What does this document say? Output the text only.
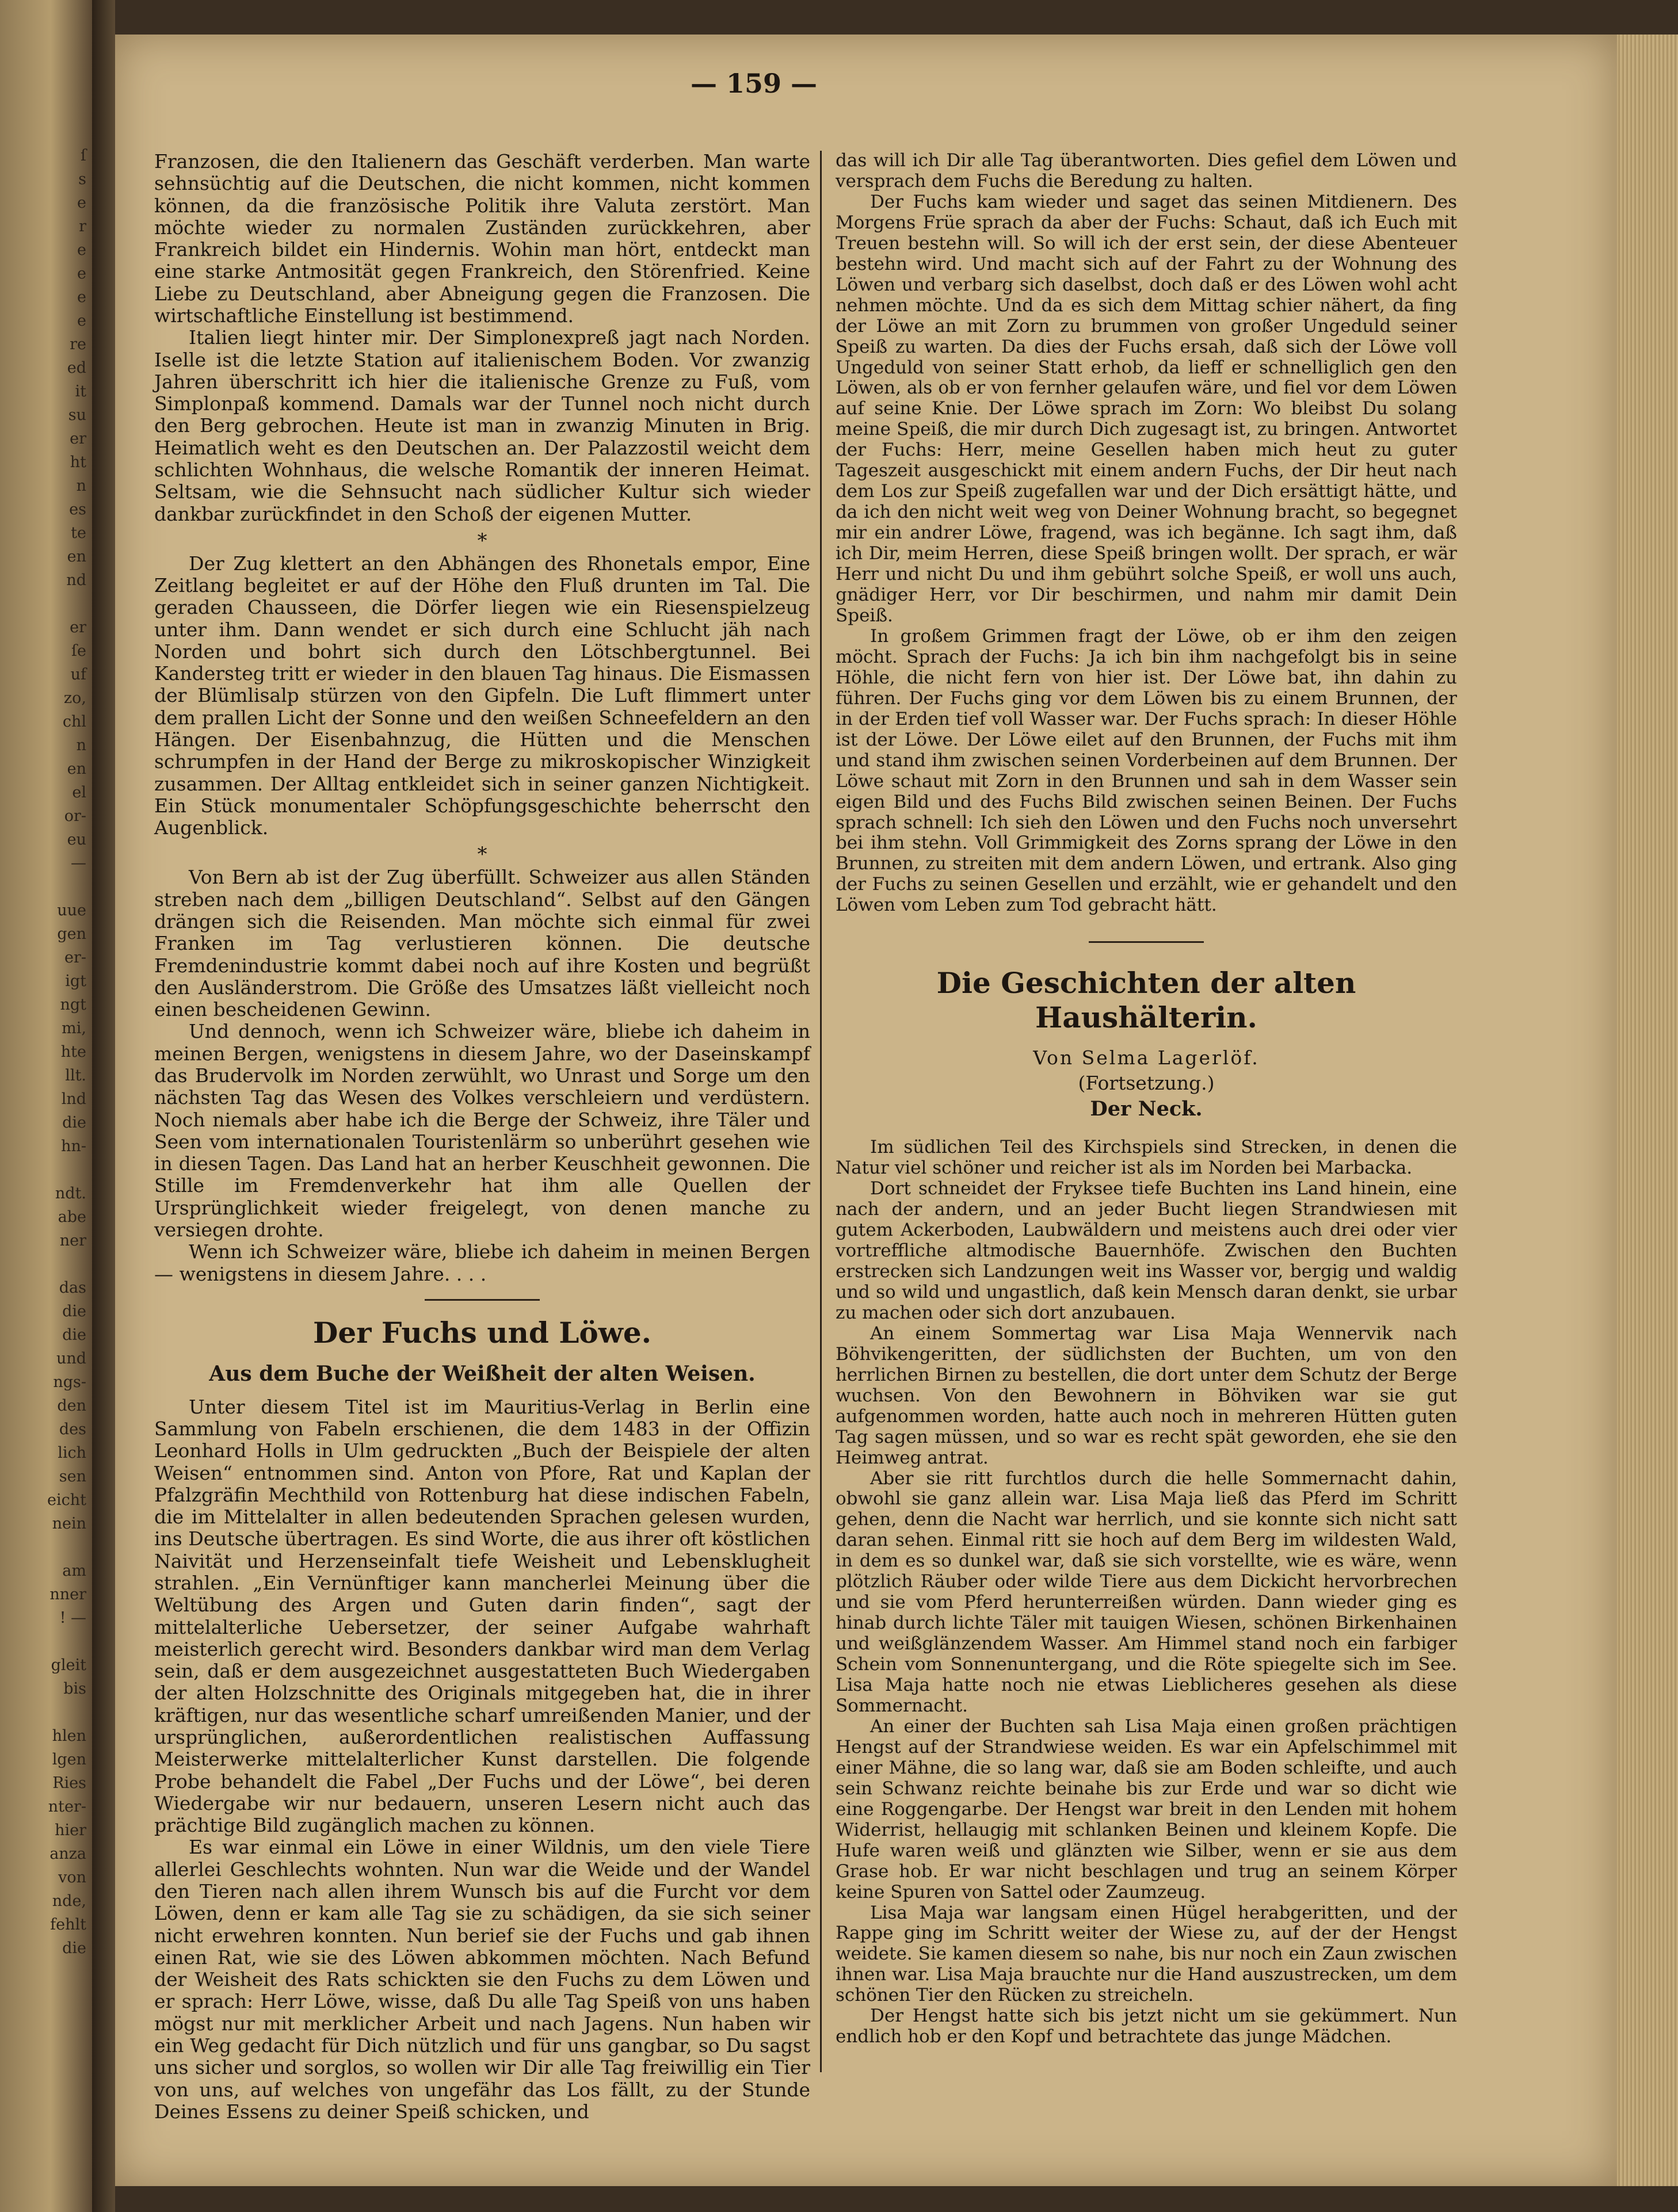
ſ
s
e
r
e
e
e
e
re
ed
it
su
er
ht
n
es
te
en
nd

er
ſe
uf
zo,
chl
n
en
el
or-
eu
—

uue
gen
er-
igt
ngt
mi,
hte
llt.
lnd
die
hn-

ndt.
abe
ner

das
die
die
und
ngs-
den
des
lich
sen
eicht
nein

am
nner
! —

gleit
bis

hlen
lgen
Ries
nter-
hier
anza
von
nde,
fehlt
die
— 159 —

Franzosen, die den Italienern das Geschäft verderben. Man warte sehnsüchtig auf die Deutschen, die nicht kommen, nicht kommen können, da die französische Politik ihre Valuta zerstört. Man möchte wieder zu normalen Zuständen zurückkehren, aber Frankreich bildet ein Hindernis. Wohin man hört, entdeckt man eine starke Antmosität gegen Frankreich, den Störenfried. Keine Liebe zu Deutschland, aber Abneigung gegen die Franzosen. Die wirtschaftliche Einstellung ist bestimmend.

Italien liegt hinter mir. Der Simplonexpreß jagt nach Norden. Iselle ist die letzte Station auf italienischem Boden. Vor zwanzig Jahren überschritt ich hier die italienische Grenze zu Fuß, vom Simplonpaß kommend. Damals war der Tunnel noch nicht durch den Berg gebrochen. Heute ist man in zwanzig Minuten in Brig. Heimatlich weht es den Deutschen an. Der Palazzostil weicht dem schlichten Wohnhaus, die welsche Romantik der inneren Heimat. Seltsam, wie die Sehnsucht nach südlicher Kultur sich wieder dankbar zurückfindet in den Schoß der eigenen Mutter.

*

Der Zug klettert an den Abhängen des Rhonetals empor, Eine Zeitlang begleitet er auf der Höhe den Fluß drunten im Tal. Die geraden Chausseen, die Dörfer liegen wie ein Riesenspielzeug unter ihm. Dann wendet er sich durch eine Schlucht jäh nach Norden und bohrt sich durch den Lötschbergtunnel. Bei Kandersteg tritt er wieder in den blauen Tag hinaus. Die Eismassen der Blümlisalp stürzen von den Gipfeln. Die Luft flimmert unter dem prallen Licht der Sonne und den weißen Schneefeldern an den Hängen. Der Eisenbahnzug, die Hütten und die Menschen schrumpfen in der Hand der Berge zu mikroskopischer Winzigkeit zusammen. Der Alltag entkleidet sich in seiner ganzen Nichtigkeit. Ein Stück monumentaler Schöpfungsgeschichte beherrscht den Augenblick.

*

Von Bern ab ist der Zug überfüllt. Schweizer aus allen Ständen streben nach dem „billigen Deutschland“. Selbst auf den Gängen drängen sich die Reisenden. Man möchte sich einmal für zwei Franken im Tag verlustieren können. Die deutsche Fremdenindustrie kommt dabei noch auf ihre Kosten und begrüßt den Ausländerstrom. Die Größe des Umsatzes läßt vielleicht noch einen bescheidenen Gewinn.

Und dennoch, wenn ich Schweizer wäre, bliebe ich daheim in meinen Bergen, wenigstens in diesem Jahre, wo der Daseinskampf das Brudervolk im Norden zerwühlt, wo Unrast und Sorge um den nächsten Tag das Wesen des Volkes verschleiern und verdüstern. Noch niemals aber habe ich die Berge der Schweiz, ihre Täler und Seen vom internationalen Touristenlärm so unberührt gesehen wie in diesen Tagen. Das Land hat an herber Keuschheit gewonnen. Die Stille im Fremdenverkehr hat ihm alle Quellen der Ursprünglichkeit wieder freigelegt, von denen manche zu versiegen drohte.

Wenn ich Schweizer wäre, bliebe ich daheim in meinen Bergen — wenigstens in diesem Jahre. . . .

Der Fuchs und Löwe.
Aus dem Buche der Weißheit der alten Weisen.

Unter diesem Titel ist im Mauritius-Verlag in Berlin eine Sammlung von Fabeln erschienen, die dem 1483 in der Offizin Leonhard Holls in Ulm gedruckten „Buch der Beispiele der alten Weisen“ entnommen sind. Anton von Pfore, Rat und Kaplan der Pfalzgräfin Mechthild von Rottenburg hat diese indischen Fabeln, die im Mittelalter in allen bedeutenden Sprachen gelesen wurden, ins Deutsche übertragen. Es sind Worte, die aus ihrer oft köstlichen Naivität und Herzenseinfalt tiefe Weisheit und Lebensklugheit strahlen. „Ein Vernünftiger kann mancherlei Meinung über die Weltübung des Argen und Guten darin finden“, sagt der mittelalterliche Uebersetzer, der seiner Aufgabe wahrhaft meisterlich gerecht wird. Besonders dankbar wird man dem Verlag sein, daß er dem ausgezeichnet ausgestatteten Buch Wiedergaben der alten Holzschnitte des Originals mitgegeben hat, die in ihrer kräftigen, nur das wesentliche scharf umreißenden Manier, und der ursprünglichen, außerordentlichen realistischen Auffassung Meisterwerke mittelalterlicher Kunst darstellen. Die folgende Probe behandelt die Fabel „Der Fuchs und der Löwe“, bei deren Wiedergabe wir nur bedauern, unseren Lesern nicht auch das prächtige Bild zugänglich machen zu können.

Es war einmal ein Löwe in einer Wildnis, um den viele Tiere allerlei Geschlechts wohnten. Nun war die Weide und der Wandel den Tieren nach allen ihrem Wunsch bis auf die Furcht vor dem Löwen, denn er kam alle Tag sie zu schädigen, da sie sich seiner nicht erwehren konnten. Nun berief sie der Fuchs und gab ihnen einen Rat, wie sie des Löwen abkommen möchten. Nach Befund der Weisheit des Rats schickten sie den Fuchs zu dem Löwen und er sprach: Herr Löwe, wisse, daß Du alle Tag Speiß von uns haben mögst nur mit merklicher Arbeit und nach Jagens. Nun haben wir ein Weg gedacht für Dich nützlich und für uns gangbar, so Du sagst uns sicher und sorglos, so wollen wir Dir alle Tag freiwillig ein Tier von uns, auf welches von ungefähr das Los fällt, zu der Stunde Deines Essens zu deiner Speiß schicken, und

das will ich Dir alle Tag überantworten. Dies gefiel dem Löwen und versprach dem Fuchs die Beredung zu halten.

Der Fuchs kam wieder und saget das seinen Mitdienern. Des Morgens Früe sprach da aber der Fuchs: Schaut, daß ich Euch mit Treuen bestehn will. So will ich der erst sein, der diese Abenteuer bestehn wird. Und macht sich auf der Fahrt zu der Wohnung des Löwen und verbarg sich daselbst, doch daß er des Löwen wohl acht nehmen möchte. Und da es sich dem Mittag schier nähert, da fing der Löwe an mit Zorn zu brummen von großer Ungeduld seiner Speiß zu warten. Da dies der Fuchs ersah, daß sich der Löwe voll Ungeduld von seiner Statt erhob, da lieff er schnelliglich gen den Löwen, als ob er von fernher gelaufen wäre, und fiel vor dem Löwen auf seine Knie. Der Löwe sprach im Zorn: Wo bleibst Du solang meine Speiß, die mir durch Dich zugesagt ist, zu bringen. Antwortet der Fuchs: Herr, meine Gesellen haben mich heut zu guter Tageszeit ausgeschickt mit einem andern Fuchs, der Dir heut nach dem Los zur Speiß zugefallen war und der Dich ersättigt hätte, und da ich den nicht weit weg von Deiner Wohnung bracht, so begegnet mir ein andrer Löwe, fragend, was ich begänne. Ich sagt ihm, daß ich Dir, meim Herren, diese Speiß bringen wollt. Der sprach, er wär Herr und nicht Du und ihm gebührt solche Speiß, er woll uns auch, gnädiger Herr, vor Dir beschirmen, und nahm mir damit Dein Speiß.

In großem Grimmen fragt der Löwe, ob er ihm den zeigen möcht. Sprach der Fuchs: Ja ich bin ihm nachgefolgt bis in seine Höhle, die nicht fern von hier ist. Der Löwe bat, ihn dahin zu führen. Der Fuchs ging vor dem Löwen bis zu einem Brunnen, der in der Erden tief voll Wasser war. Der Fuchs sprach: In dieser Höhle ist der Löwe. Der Löwe eilet auf den Brunnen, der Fuchs mit ihm und stand ihm zwischen seinen Vorderbeinen auf dem Brunnen. Der Löwe schaut mit Zorn in den Brunnen und sah in dem Wasser sein eigen Bild und des Fuchs Bild zwischen seinen Beinen. Der Fuchs sprach schnell: Ich sieh den Löwen und den Fuchs noch unversehrt bei ihm stehn. Voll Grimmigkeit des Zorns sprang der Löwe in den Brunnen, zu streiten mit dem andern Löwen, und ertrank. Also ging der Fuchs zu seinen Gesellen und erzählt, wie er gehandelt und den Löwen vom Leben zum Tod gebracht hätt.

Die Geschichten der alten Haushälterin.
Von Selma Lagerlöf.
(Fortsetzung.)
Der Neck.

Im südlichen Teil des Kirchspiels sind Strecken, in denen die Natur viel schöner und reicher ist als im Norden bei Marbacka.

Dort schneidet der Fryksee tiefe Buchten ins Land hinein, eine nach der andern, und an jeder Bucht liegen Strandwiesen mit gutem Ackerboden, Laubwäldern und meistens auch drei oder vier vortreffliche altmodische Bauernhöfe. Zwischen den Buchten erstrecken sich Landzungen weit ins Wasser vor, bergig und waldig und so wild und ungastlich, daß kein Mensch daran denkt, sie urbar zu machen oder sich dort anzubauen.

An einem Sommertag war Lisa Maja Wennervik nach Böhvikengeritten, der südlichsten der Buchten, um von den herrlichen Birnen zu bestellen, die dort unter dem Schutz der Berge wuchsen. Von den Bewohnern in Böhviken war sie gut aufgenommen worden, hatte auch noch in mehreren Hütten guten Tag sagen müssen, und so war es recht spät geworden, ehe sie den Heimweg antrat.

Aber sie ritt furchtlos durch die helle Sommernacht dahin, obwohl sie ganz allein war. Lisa Maja ließ das Pferd im Schritt gehen, denn die Nacht war herrlich, und sie konnte sich nicht satt daran sehen. Einmal ritt sie hoch auf dem Berg im wildesten Wald, in dem es so dunkel war, daß sie sich vorstellte, wie es wäre, wenn plötzlich Räuber oder wilde Tiere aus dem Dickicht hervorbrechen und sie vom Pferd herunterreißen würden. Dann wieder ging es hinab durch lichte Täler mit tauigen Wiesen, schönen Birkenhainen und weißglänzendem Wasser. Am Himmel stand noch ein farbiger Schein vom Sonnenuntergang, und die Röte spiegelte sich im See. Lisa Maja hatte noch nie etwas Lieblicheres gesehen als diese Sommernacht.

An einer der Buchten sah Lisa Maja einen großen prächtigen Hengst auf der Strandwiese weiden. Es war ein Apfelschimmel mit einer Mähne, die so lang war, daß sie am Boden schleifte, und auch sein Schwanz reichte beinahe bis zur Erde und war so dicht wie eine Roggengarbe. Der Hengst war breit in den Lenden mit hohem Widerrist, hellaugig mit schlanken Beinen und kleinem Kopfe. Die Hufe waren weiß und glänzten wie Silber, wenn er sie aus dem Grase hob. Er war nicht beschlagen und trug an seinem Körper keine Spuren von Sattel oder Zaumzeug.

Lisa Maja war langsam einen Hügel herabgeritten, und der Rappe ging im Schritt weiter der Wiese zu, auf der der Hengst weidete. Sie kamen diesem so nahe, bis nur noch ein Zaun zwischen ihnen war. Lisa Maja brauchte nur die Hand auszustrecken, um dem schönen Tier den Rücken zu streicheln.

Der Hengst hatte sich bis jetzt nicht um sie gekümmert. Nun endlich hob er den Kopf und betrachtete das junge Mädchen.
